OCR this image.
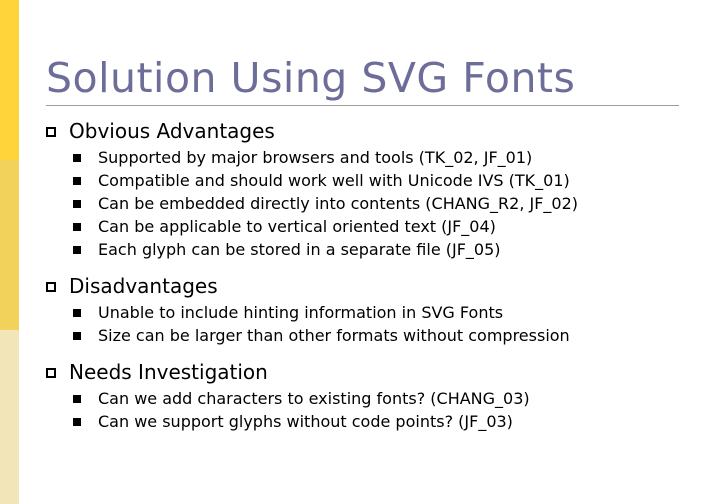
Solution Using SVG Fonts
Obvious Advantages
Supported by major browsers and tools (TK_02, JF_01)
Compatible and should work well with Unicode IVS (TK_01)
Can be embedded directly into contents (CHANG_R2, JF_02)
Can be applicable to vertical oriented text (JF_04)
Each glyph can be stored in a separate file (JF_05)
Disadvantages
Unable to include hinting information in SVG Fonts
Size can be larger than other formats without compression
Needs Investigation
Can we add characters to existing fonts? (CHANG_03)
Can we support glyphs without code points? (JF_03)
